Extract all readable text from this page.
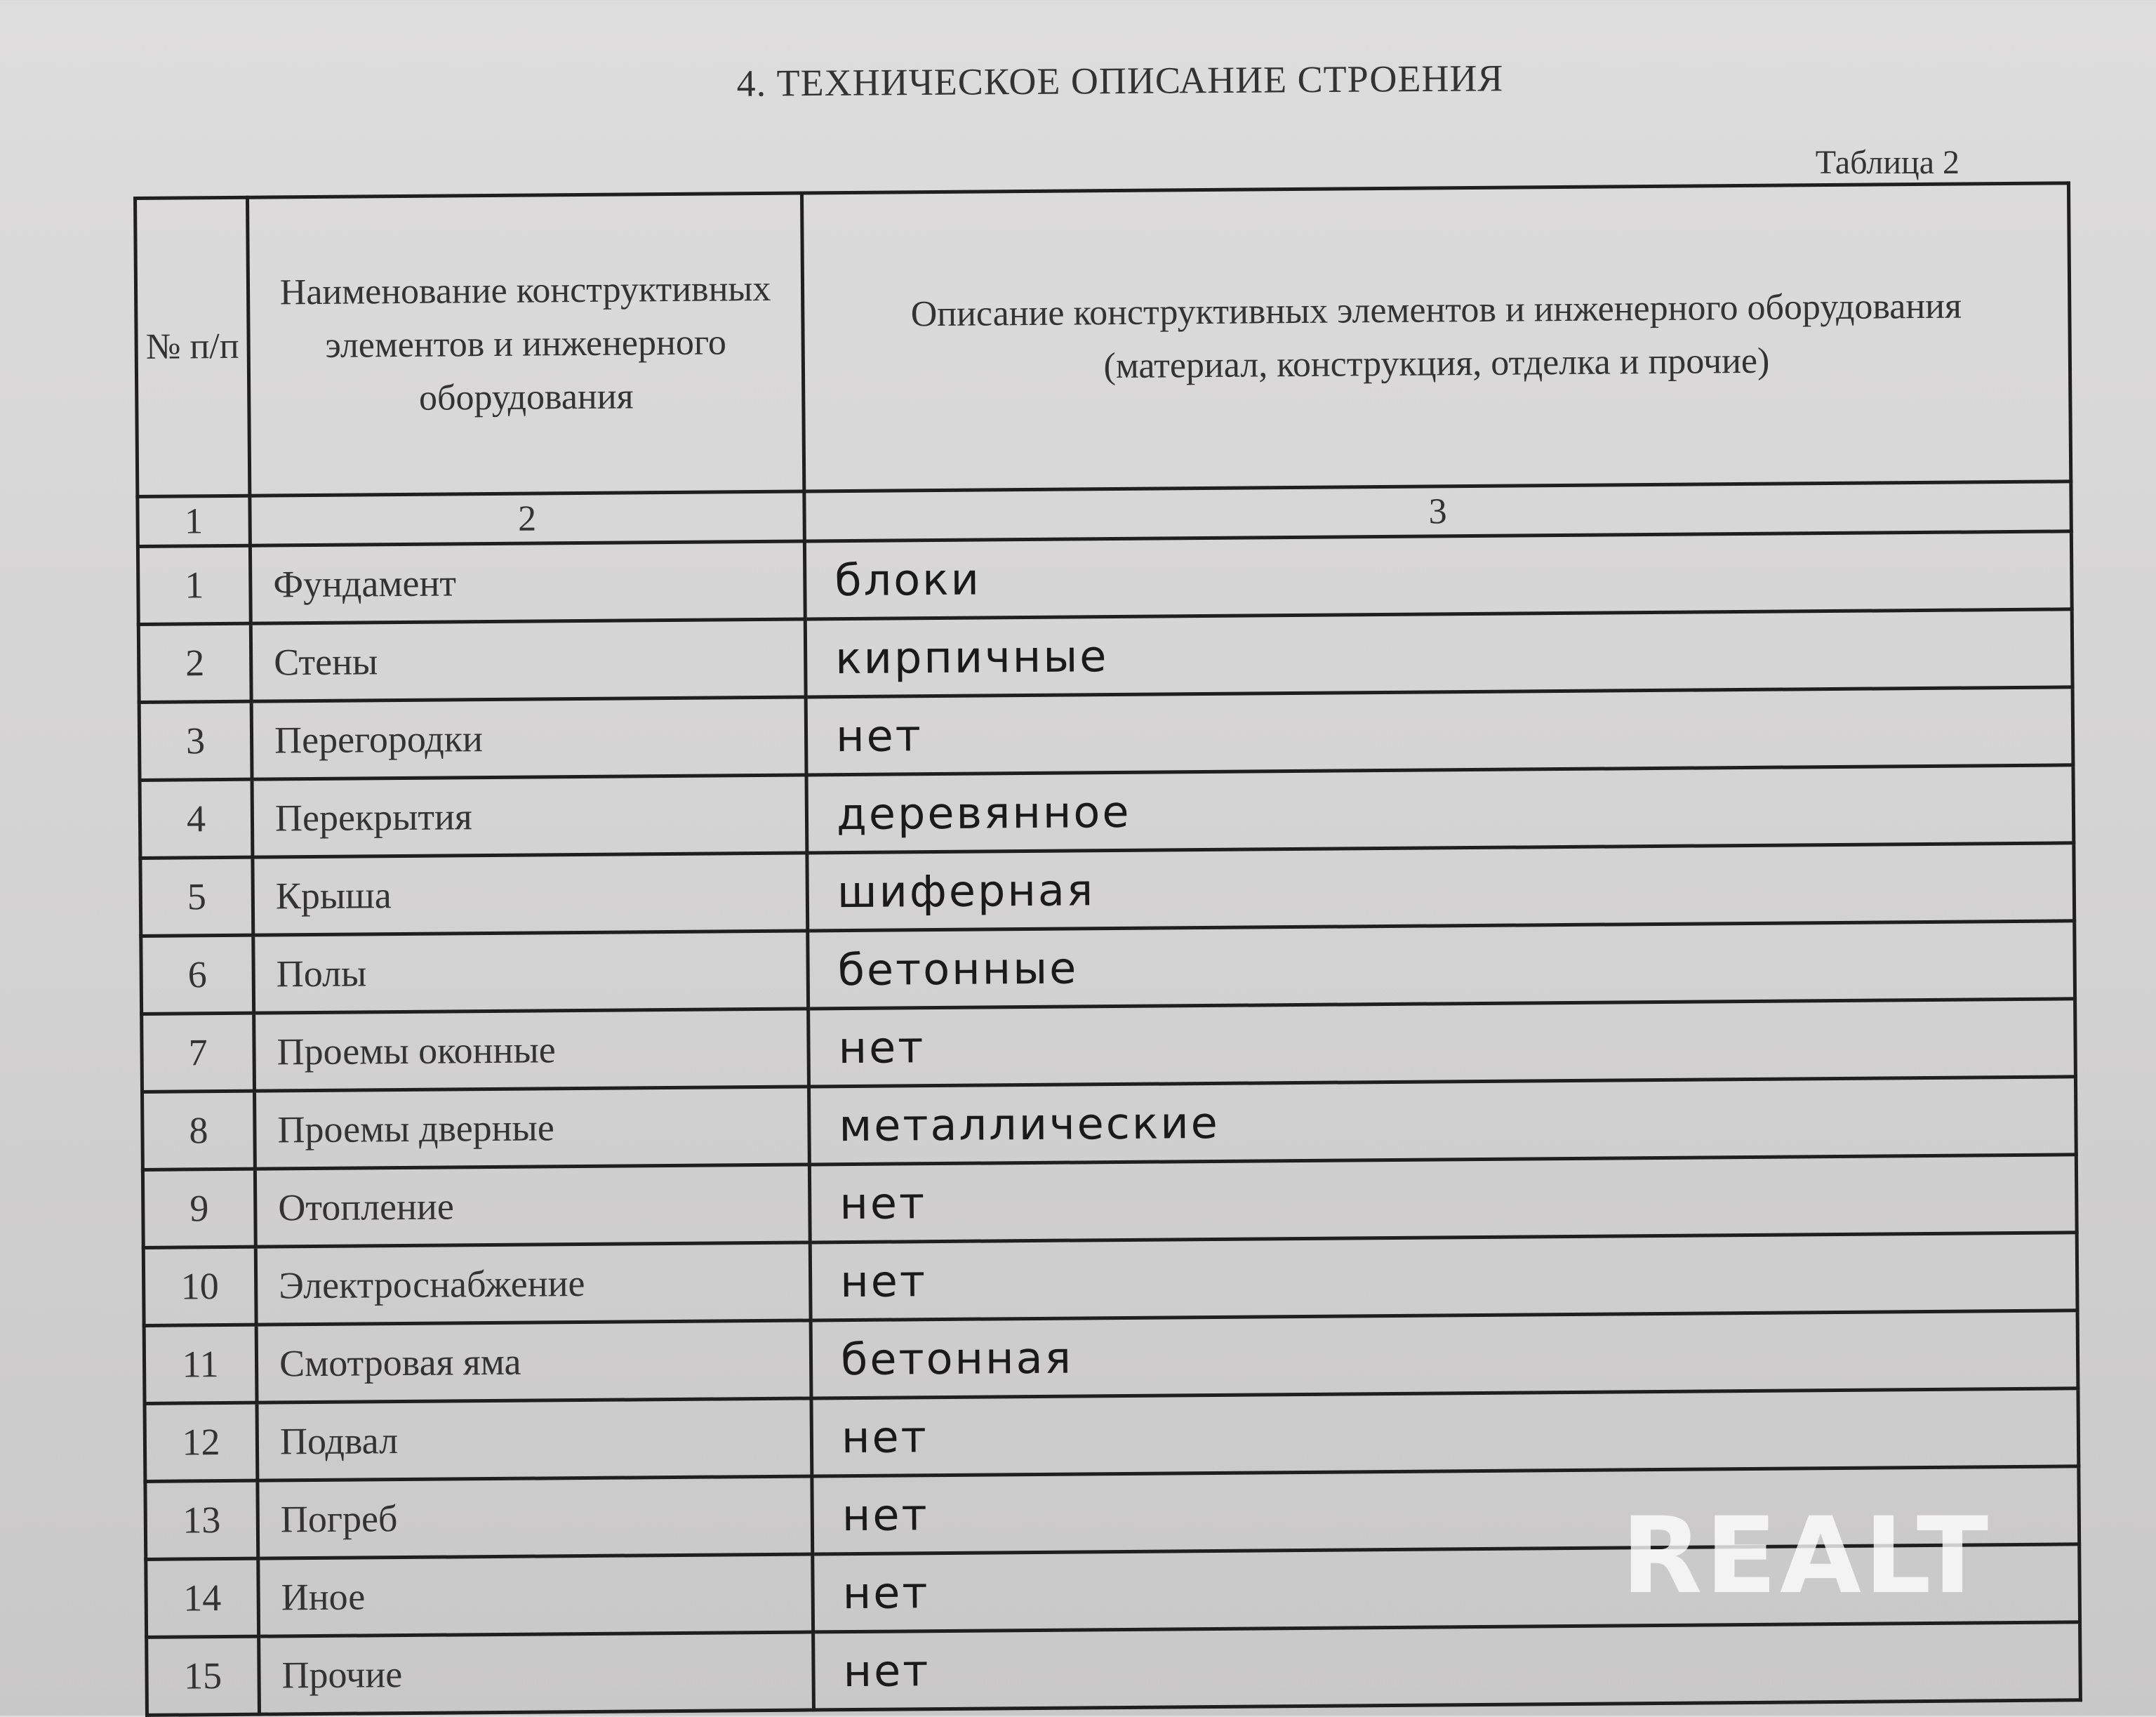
4. ТЕХНИЧЕСКОЕ ОПИСАНИЕ СТРОЕНИЯ
Таблица 2
№ п/п	Наименование конструктивных элементов и инженерного оборудования	Описание конструктивных элементов и инженерного оборудования
(материал, конструкция, отделка и прочие)

1	2	3
1	Фундамент	блоки
2	Стены	кирпичные
3	Перегородки	нет
4	Перекрытия	деревянное
5	Крыша	шиферная
6	Полы	бетонные
7	Проемы оконные	нет
8	Проемы дверные	металлические
9	Отопление	нет
10	Электроснабжение	нет
11	Смотровая яма	бетонная
12	Подвал	нет
13	Погреб	нет
14	Иное	нет
15	Прочие	нет
REALT
